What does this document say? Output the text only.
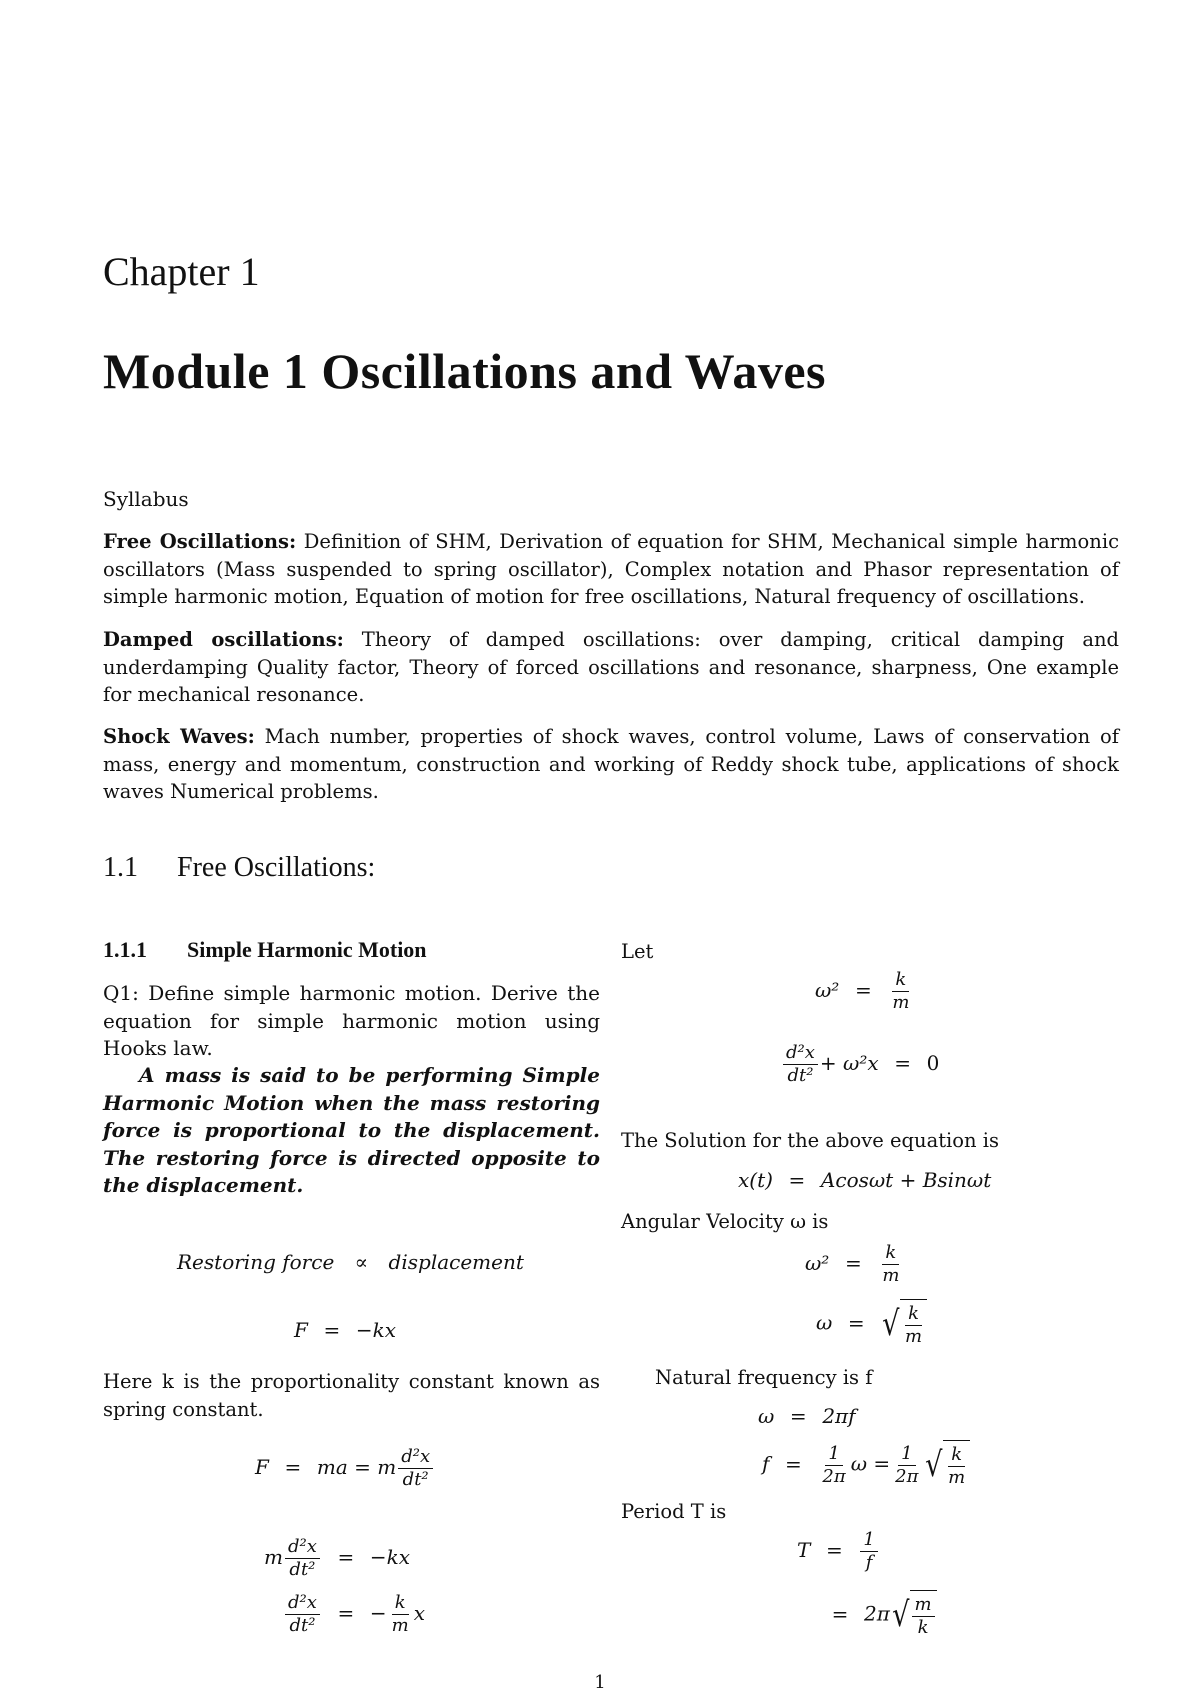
Chapter 1
Module 1 Oscillations and Waves
Syllabus

Free Oscillations: Definition of SHM, Derivation of equation for SHM, Mechanical simple harmonic oscillators (Mass suspended to spring oscillator), Complex notation and Phasor representation of simple harmonic motion, Equation of motion for free oscillations, Natural frequency of oscillations.

Damped oscillations: Theory of damped oscillations: over damping, critical damping and underdamping Quality factor, Theory of forced oscillations and resonance, sharpness, One example for mechanical resonance.

Shock Waves: Mach number, properties of shock waves, control volume, Laws of conservation of mass, energy and momentum, construction and working of Reddy shock tube, applications of shock waves Numerical problems.

1.1 Free Oscillations:
1.1.1 Simple Harmonic Motion

Q1: Define simple harmonic motion. Derive the equation for simple harmonic motion using Hooks law.

A mass is said to be performing Simple Harmonic Motion when the mass restoring force is proportional to the displacement. The restoring force is directed opposite to the displacement.

Restoring force ∝ displacement
F = −kx

Here k is the proportionality constant known as spring constant.

F = ma = m $\frac{\text{d²x}}{\text{dt²}}$
m $\frac{\text{d²x}}{\text{dt²}} = -kx$
$\frac{\text{d²x}}{\text{dt²}}$ = − $\frac{k}{m}$ x
Let
$\omega^2 = \frac{k}{m}$
$\frac{\text{d²x}}{\text{dt²}} + \omega^2x = 0$
The Solution for the above equation is
x(t) = Acosωt + Bsinωt
Angular Velocity ω is
$\omega^2 = \frac{k}{m}$
ω = √ $\frac{k}{m}$
Natural frequency is f
ω = 2πf
$f = \frac{1}{2\pi}$ $\omega = \frac{1}{2\pi}$ √ $\frac{k}{m}$
Period T is
$T = \frac{1}{f}$
= 2π √ $\frac{m}{k}$
1
